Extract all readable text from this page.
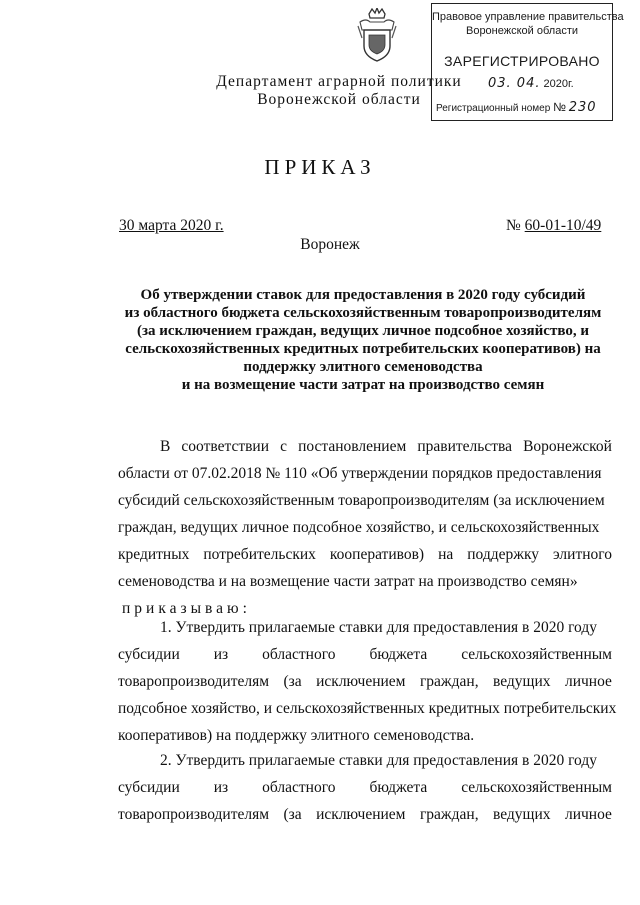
Правовое управление правительства
Воронежской области
ЗАРЕГИСТРИРОВАНО
03. 04. 2020г.
Регистрационный номер № 230
Департамент аграрной политики
Воронежской области
ПРИКАЗ
30 марта 2020 г.	№ 60-01-10/49
Воронеж
Об утверждении ставок для предоставления в 2020 году субсидий
из областного бюджета сельскохозяйственным товаропроизводителям
(за исключением граждан, ведущих личное подсобное хозяйство, и
сельскохозяйственных кредитных потребительских кооперативов) на
поддержку элитного семеноводства
и на возмещение части затрат на производство семян
В соответствии с постановлением правительства Воронежской
области от 07.02.2018 № 110 «Об утверждении порядков предоставления
субсидий сельскохозяйственным товаропроизводителям (за исключением
граждан, ведущих личное подсобное хозяйство, и сельскохозяйственных
кредитных потребительских кооперативов) на поддержку элитного
семеноводства и на возмещение части затрат на производство семян»
приказываю:
1. Утвердить прилагаемые ставки для предоставления в 2020 году
субсидии из областного бюджета сельскохозяйственным
товаропроизводителям (за исключением граждан, ведущих личное
подсобное хозяйство, и сельскохозяйственных кредитных потребительских
кооперативов) на поддержку элитного семеноводства.
2. Утвердить прилагаемые ставки для предоставления в 2020 году
субсидии из областного бюджета сельскохозяйственным
товаропроизводителям (за исключением граждан, ведущих личное
